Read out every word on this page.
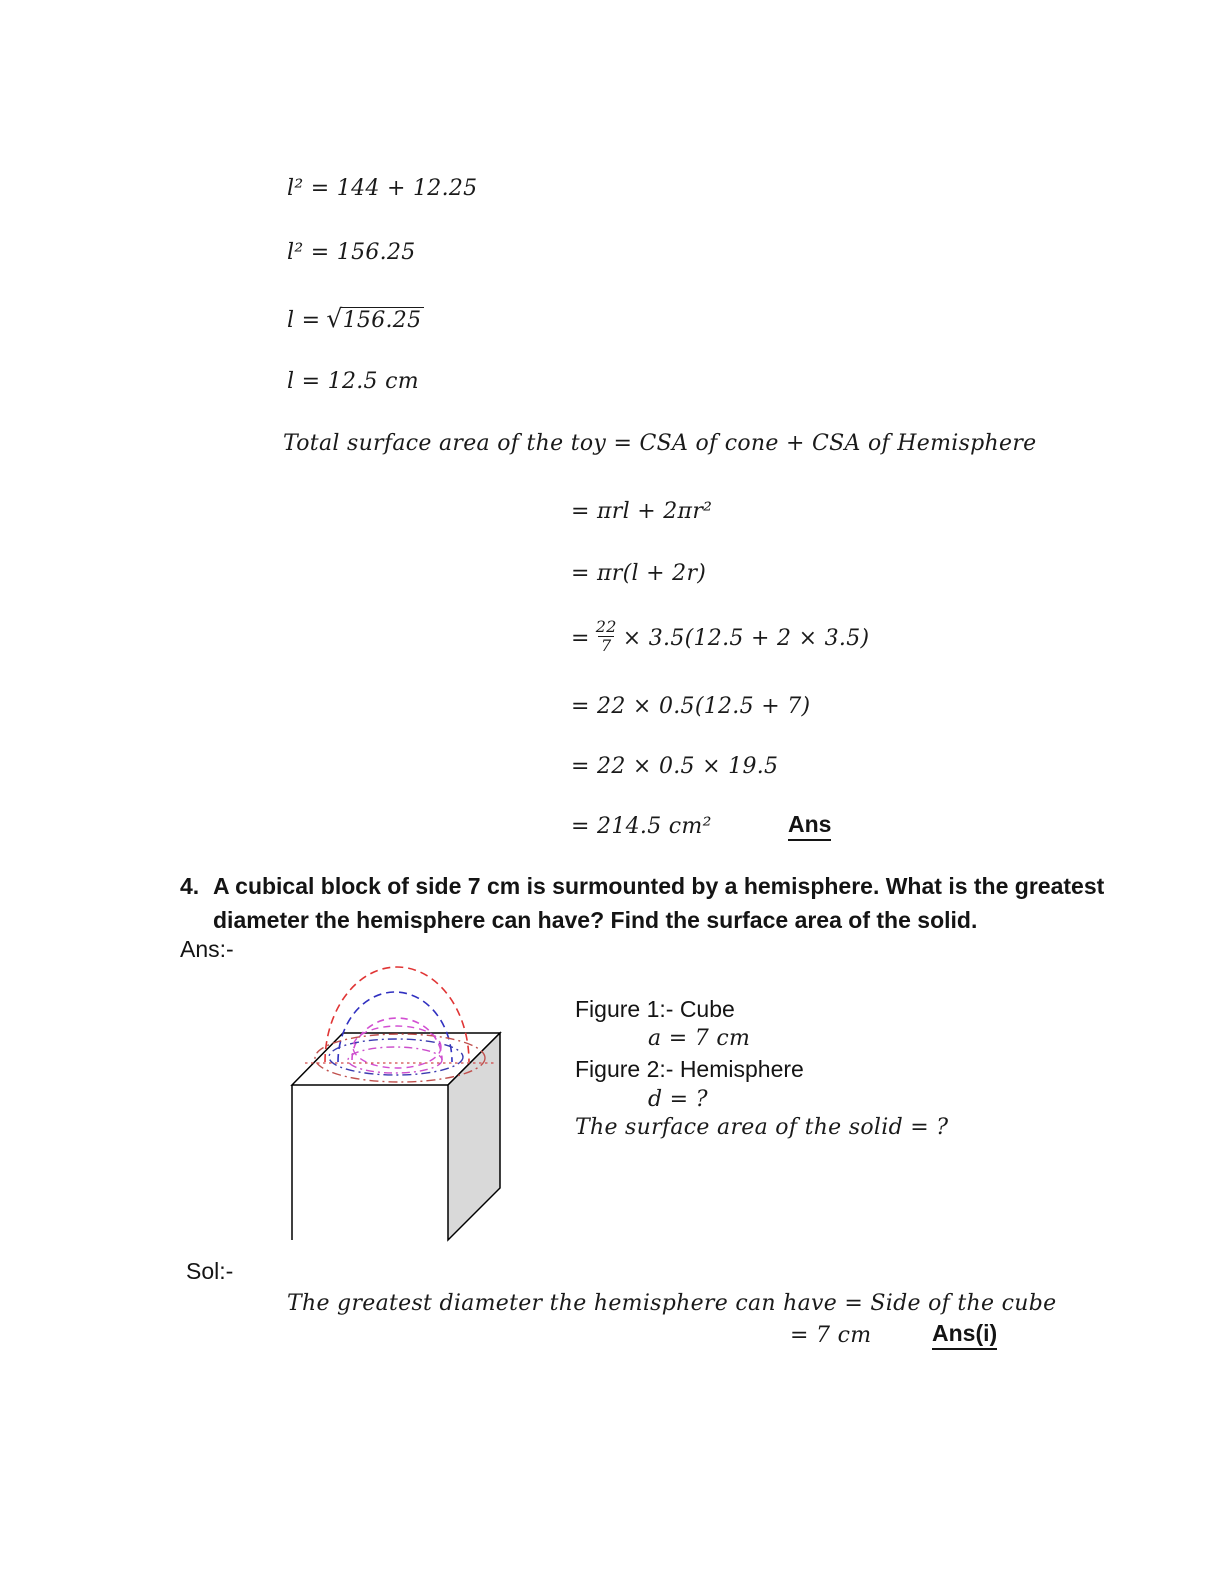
l² = 144 + 12.25
l² = 156.25
l = √156.25
l = 12.5 cm
Total surface area of the toy = CSA of cone + CSA of Hemisphere
= πrl + 2πr²
= πr(l + 2r)
= $\frac{22}{7} \times 3.5(12.5 + 2 \times 3.5)$
= 22 × 0.5(12.5 + 7)
= 22 × 0.5 × 19.5
= 214.5 cm²	Ans
4. A cubical block of side 7 cm is surmounted by a hemisphere. What is the greatest
diameter the hemisphere can have? Find the surface area of the solid.
Ans:-
Figure 1:- Cube
a = 7 cm
Figure 2:- Hemisphere
d = ?
The surface area of the solid = ?
Sol:-
The greatest diameter the hemisphere can have = Side of the cube
= 7 cm	Ans(i)
